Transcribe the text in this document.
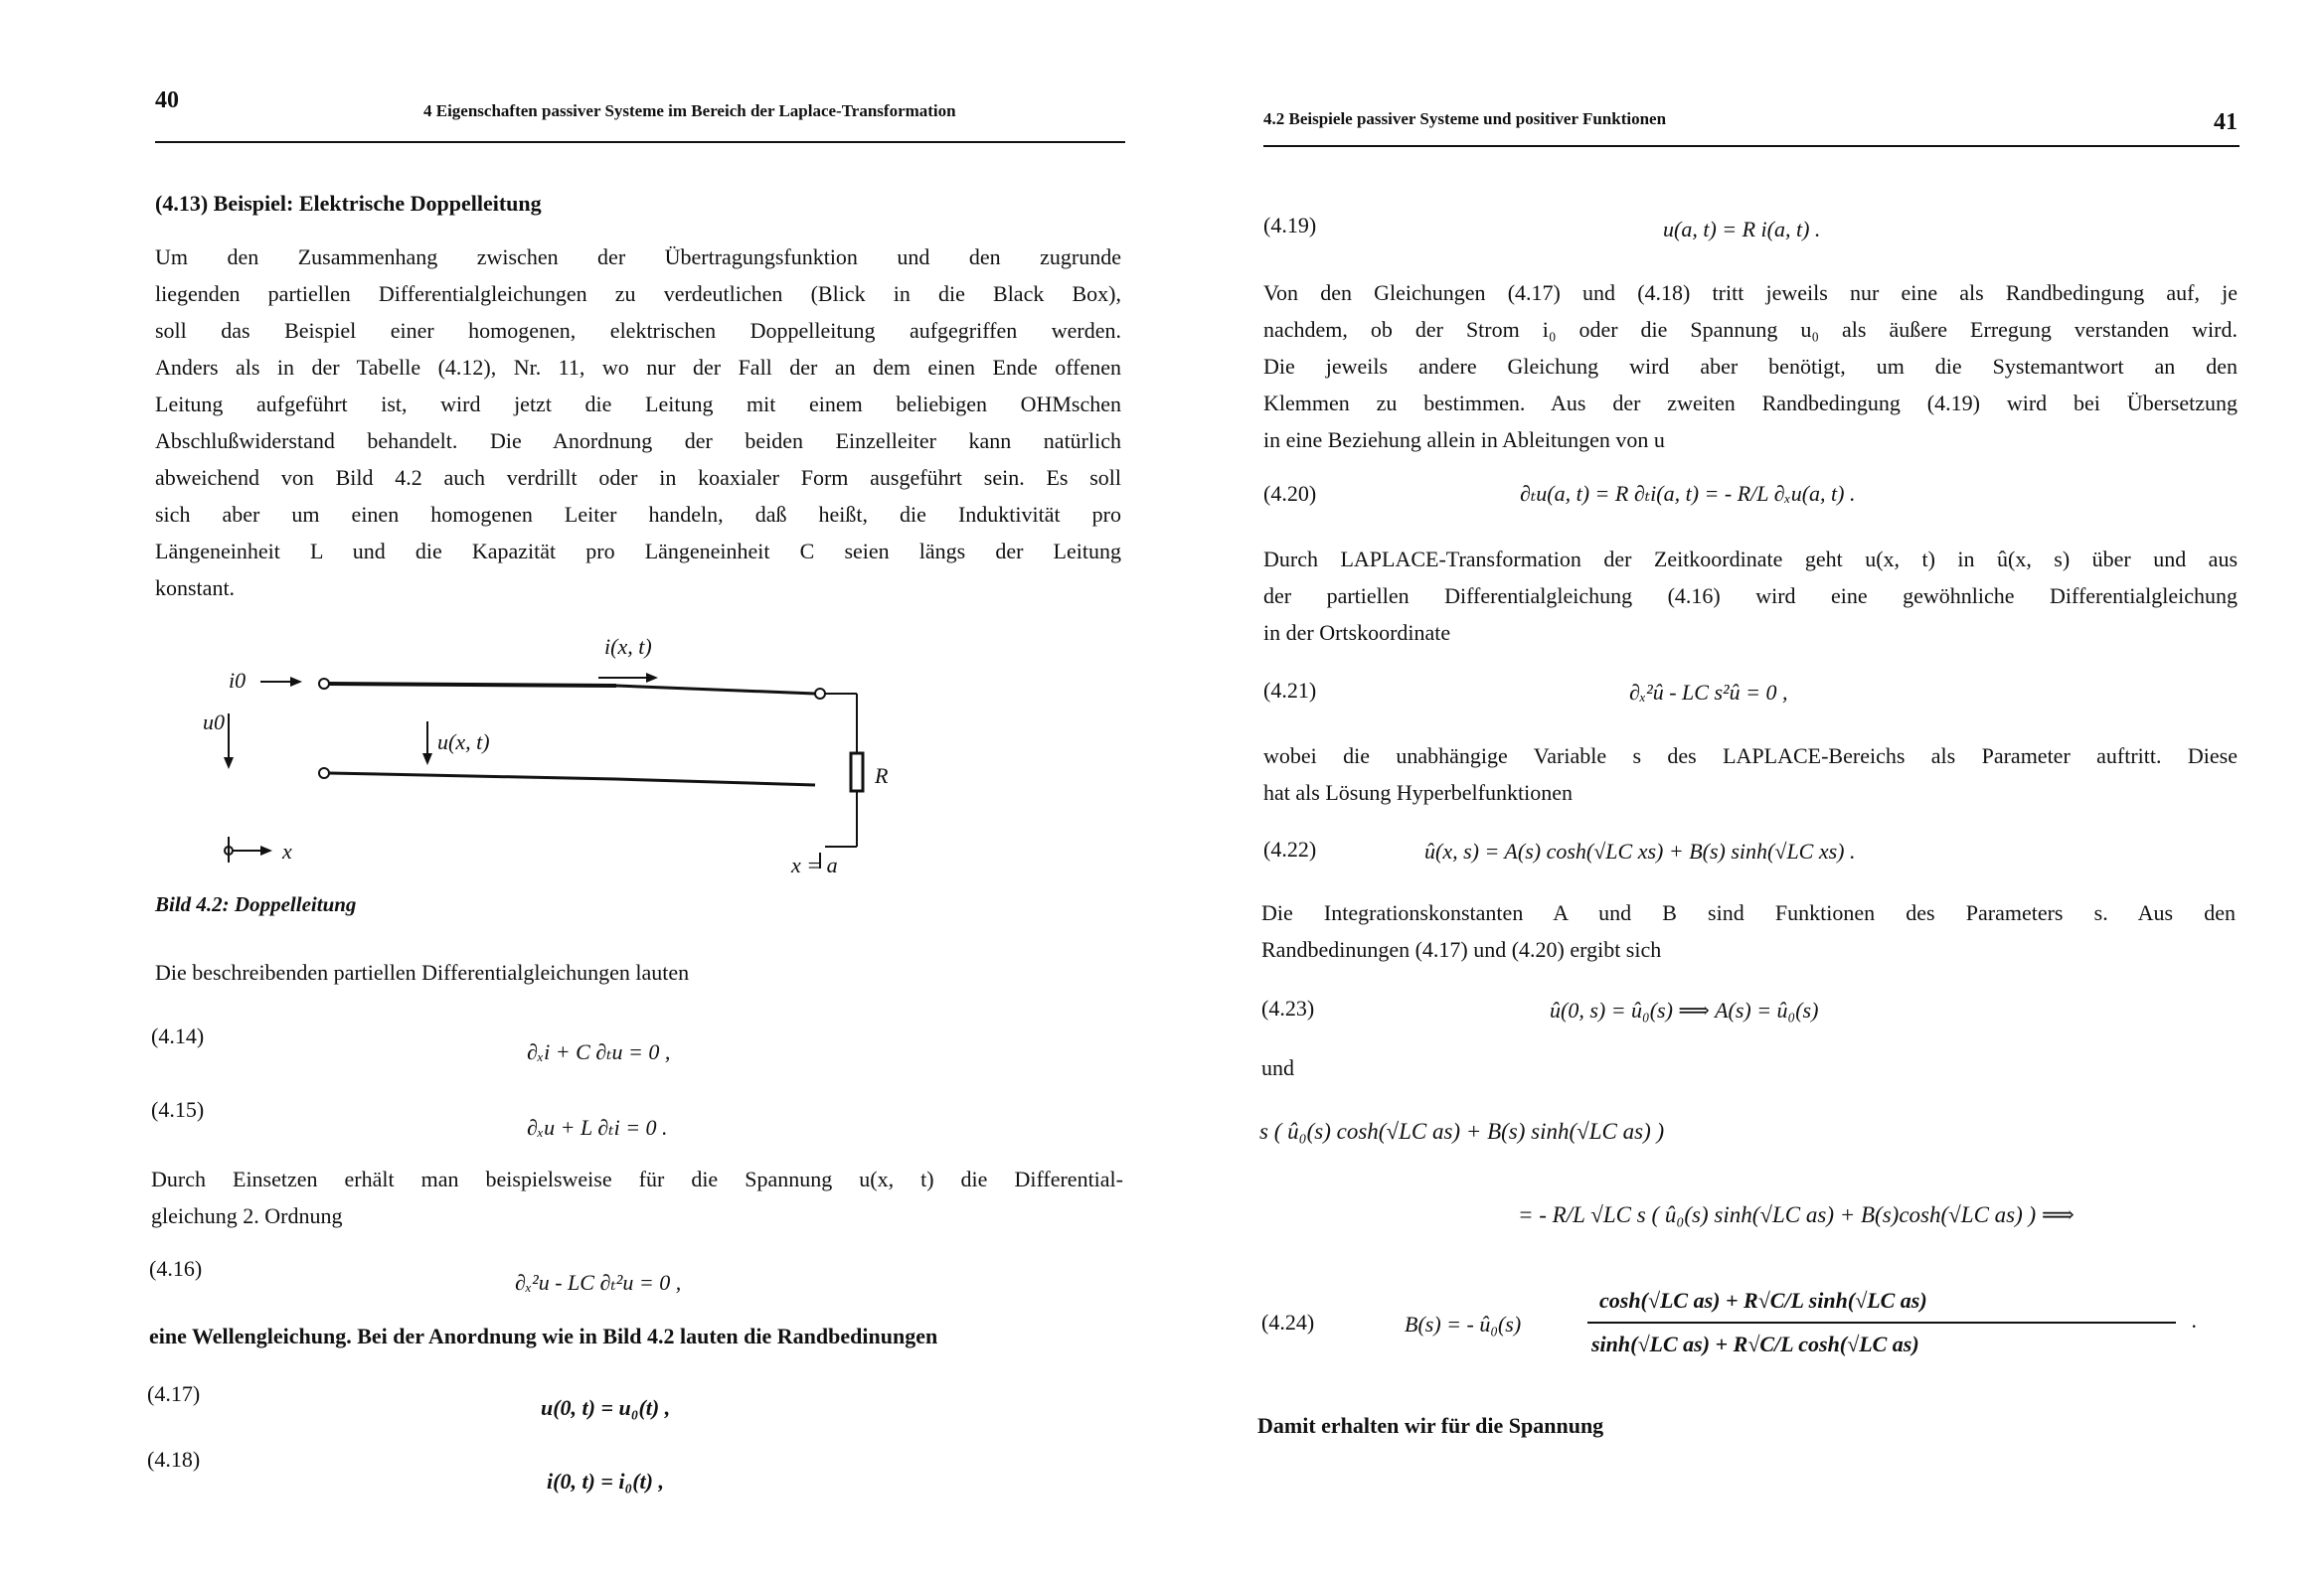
40	4 Eigenschaften passiver Systeme im Bereich der Laplace-Transformation
(4.13) Beispiel: Elektrische Doppelleitung
Um den Zusammenhang zwischen der Übertragungsfunktion und den zugrunde
liegenden partiellen Differentialgleichungen zu verdeutlichen (Blick in die Black Box),
soll das Beispiel einer homogenen, elektrischen Doppelleitung aufgegriffen werden.
Anders als in der Tabelle (4.12), Nr. 11, wo nur der Fall der an dem einen Ende offenen
Leitung aufgeführt ist, wird jetzt die Leitung mit einem beliebigen OHMschen
Abschlußwiderstand behandelt. Die Anordnung der beiden Einzelleiter kann natürlich
abweichend von Bild 4.2 auch verdrillt oder in koaxialer Form ausgeführt sein. Es soll
sich aber um einen homogenen Leiter handeln, daß heißt, die Induktivität pro
Längeneinheit L und die Kapazität pro Längeneinheit C seien längs der Leitung
konstant.
i(x, t)
i0
R
u0
u(x, t)
x = a
x
Bild 4.2: Doppelleitung
Die beschreibenden partiellen Differentialgleichungen lauten
(4.14)
∂ₓi + C ∂ₜu = 0 ,
(4.15)
∂ₓu + L ∂ₜi = 0 .
Durch Einsetzen erhält man beispielsweise für die Spannung u(x, t) die Differential-
gleichung 2. Ordnung
(4.16)
∂ₓ²u - LC ∂ₜ²u = 0 ,
eine Wellengleichung. Bei der Anordnung wie in Bild 4.2 lauten die Randbedinungen
(4.17)
u(0, t) = u₀(t) ,
(4.18)
i(0, t) = i₀(t) ,
4.2 Beispiele passiver Systeme und positiver Funktionen	41
(4.19)	u(a, t) = R i(a, t) .
Von den Gleichungen (4.17) und (4.18) tritt jeweils nur eine als Randbedingung auf, je
nachdem, ob der Strom i₀ oder die Spannung u₀ als äußere Erregung verstanden wird.
Die jeweils andere Gleichung wird aber benötigt, um die Systemantwort an den
Klemmen zu bestimmen. Aus der zweiten Randbedingung (4.19) wird bei Übersetzung
in eine Beziehung allein in Ableitungen von u
(4.20)	∂ₜu(a, t) = R ∂ₜi(a, t) = - R/L ∂ₓu(a, t) .
Durch LAPLACE-Transformation der Zeitkoordinate geht u(x, t) in û(x, s) über und aus
der partiellen Differentialgleichung (4.16) wird eine gewöhnliche Differentialgleichung
in der Ortskoordinate
(4.21)	∂ₓ²û - LC s²û = 0 ,
wobei die unabhängige Variable s des LAPLACE-Bereichs als Parameter auftritt. Diese
hat als Lösung Hyperbelfunktionen
(4.22)	û(x, s) = A(s) cosh(√LC xs) + B(s) sinh(√LC xs) .
Die Integrationskonstanten A und B sind Funktionen des Parameters s. Aus den
Randbedinungen (4.17) und (4.20) ergibt sich
(4.23)	û(0, s) = û₀(s) ⟹ A(s) = û₀(s)
und
s ( û₀(s) cosh(√LC as) + B(s) sinh(√LC as) )
= - R/L √LC s ( û₀(s) sinh(√LC as) + B(s)cosh(√LC as) ) ⟹
(4.24)	B(s) = - û₀(s)
cosh(√LC as) + R√C/L sinh(√LC as)
sinh(√LC as) + R√C/L cosh(√LC as)
.
Damit erhalten wir für die Spannung
